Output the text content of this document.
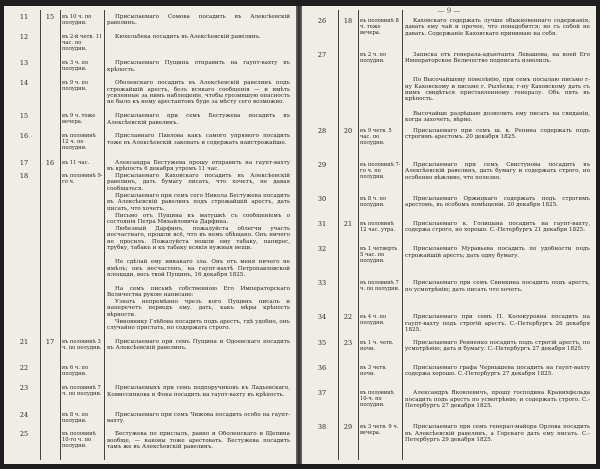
11	15	въ 10 ч. по полудни.

Присылаемаго Сомова посадить въ Алексѣевскій равелинъ.

12	въ 2-й четв. 11 час. по полудни.

Кюхельбека посадить въ Алексѣевскій равелинъ.

13	въ 3 ч. по полудни.

Присылаемаго Пущина отправить на гаупт-вахту въ крѣпость.

14	въ 9 ч. по полудни.

Оболенскаго посадить въ Алексѣевскій равелинъ подъ строжайшій арестъ, безъ всякаго сообщенія — и имѣть усиленные за нимъ наблюденіе, чтобы грозившую опасность не было къ нему арестантовъ буде за мѣсту сего возможно.

15	въ 9 ч. тоже вечера.

Присылаемаго при семъ Бестужева посадить въ Алексѣевскій равелинъ.

16	въ половинѣ 12 ч. по полудни.

Присланнаго Павлова какъ самого упрямого посадить тоже въ Алексѣевскій заковать и содержать наистрожайше.

17	16	въ 11 час.	Александра Бестужева прошу отправить на гаупт-вахту въ крѣпость 6 декабря утромъ 11 час.

18	въ половинѣ 9-го ч.

Присылаемаго Каховскаго посадить въ Алексѣевскій равелинъ, дать бумагу писать, что хочетъ, не давая сообщаться.

Присылаемаго при семъ сего Никола Бестужева посадить въ Алексѣевскій равелинъ подъ строжайшій арестъ, дать писать, что хочетъ.

Письмо отъ Пущина къ матушкѣ съ сообщеніемъ о состоянія Петра Михайловича Дарфина.

Любезный Дарфинъ, пожалуйста облегчи участь несчастнаго, прошли всё, что въ немъ обѣщано. Онъ ничего не просилъ. Пожалуйста пошли ему табаку, папирос, трубку, табакъ и къ табаку всякія нужныя вещи.

Не сдѣлай ему никакаго зла. Онъ отъ меня ничего не имѣлъ; онъ несчастенъ, на гаупт-вахтѣ Петропавловской площади, весь твой Пущинъ, 16 декабря 1825.

На семъ письмѣ собственною Его Императорскаго Величества рукою написано:

Узнать непремѣнно чрезъ кого Пущинъ писалъ и наперечетъ перведъ ему, дать, какъ мѣры крѣпость вѣрности.

Чиновнику Глѣбова посадить подъ арестъ, гдѣ удобно, онъ случайно пристать, но содержать строго.

21	17	въ половинѣ 3 ч. по полудни.

Присылаемаго при семъ Пущина и Одоевскаго посадить въ Алексѣевскій равелинъ.

22	въ 6 ч. по полудни.

23	въ половинѣ 7 ч. по полудни.

Присылаемыхъ при семъ подпоручиковъ къ Ладьевскаго, Комиссинкова и Фока посадить на гаупт-вахту въ крѣпость.

24	въ 8 ч. по полудни.

Присылаемаго при семъ Чижова посадить особо на гаупт-вахту.

25	въ половинѣ 10-го ч. по полудни.

Бестужева по прислалъ, равно и Оболенскаго и Щепина вообще, — каковы тоже арестовать. Бестужева посадить тамъ же въ Алексѣевскій равелинъ.

— 9 —
26	18	въ половинѣ 8 ч. тоже вечера.

Каховскаго содержать лучше обыкновеннаго содержанія, давать ему чай и прочее, что понадобится; но съ собой не давать. Содержаніе Каховскаго принимаю на себя.

27	въ 2 ч. по полудни.

Записка отъ генерала-адъютанта Левашова, на коей Его Императорское Величество подписать изволилъ.

По Высочайшему повелѣнію, при семъ посылаю письмо г-ну Каховскому и письмо г. Рылѣева; г-ну Каховскому дать съ нимъ свидѣться приставленному генералу. Объ пять въ крѣпость.

Высочайше разрѣшаю дозволить ему писать на свиданіи, когда захочетъ, вѣрно.

28	20	въ 9 четв. 5 час. по полудни.

Присылаемаго при семъ ш. к. Репина содержать подъ строгимъ арестомъ. 20 декабря 1825.

29	въ половинѣ 7-го ч. по полудни.

Присылаемаго при семъ Свистунова посадить въ Алексѣевскій равелинъ, дать бумагу и содержать строго, но особенно вѣжливо, что полезно.

30	въ 8 ч. по полудни.

Присылаемаго Оржицкаго содержать подъ строгимъ арестомъ, въ особомъ помѣщеніи. 20 декабря 1825.

31	21	въ половинѣ 12 час. утра.

Присылаемаго к. Голицына посадить на гаупт-вахту, содержа строго, но хорошо. С.-Петербургъ 21 декабря 1825.

32	въ 1 четверть 5 час. по полудни.

Присылаемаго Муравьева посадить по удобности подъ строжайшій арестъ; дать одну бумагу.

33	въ половинѣ 7 ч. по полудни.

Присылаемаго при семъ Свинкина посадить подъ арестъ, по усмотрѣнію; дать писать что хочетъ.

34	22	въ 4 ч. по полудни.

Присылаемаго при семъ П. Колокуровна посадить на гаупт-вахту подъ строгій арестъ. С.-Петербургъ 26 декабря 1825.

35	23	въ 1 ч. четв. ночи.

Присылаемаго Ренненко посадить подъ строгій арестъ, по усмотрѣнію; дать и бумагу. С.-Петербургъ 27 декабря 1825.

36	въ 3 четв. ночи.

Присылаемаго графа Чернышева посадить на гаупт-вахту содержа хорошо. С.-Петербургъ 27 декабря 1825.

37	въ половинѣ 10-ч. по полудни.

Александръ Яковлевичъ, прошу господина Кранихфельда посадить подъ арестъ по усмотрѣнію, и содержать строго. С.-Петербургъ 27 декабря 1825.

38	29	въ 3 четв. 9 ч. вечера.

Присылаемаго при семъ генерал-майора Орлова посадить въ Алексѣевскій равелинъ, а Горскаго дать ему писать. С.-Петербургъ 29 декабря 1825.
